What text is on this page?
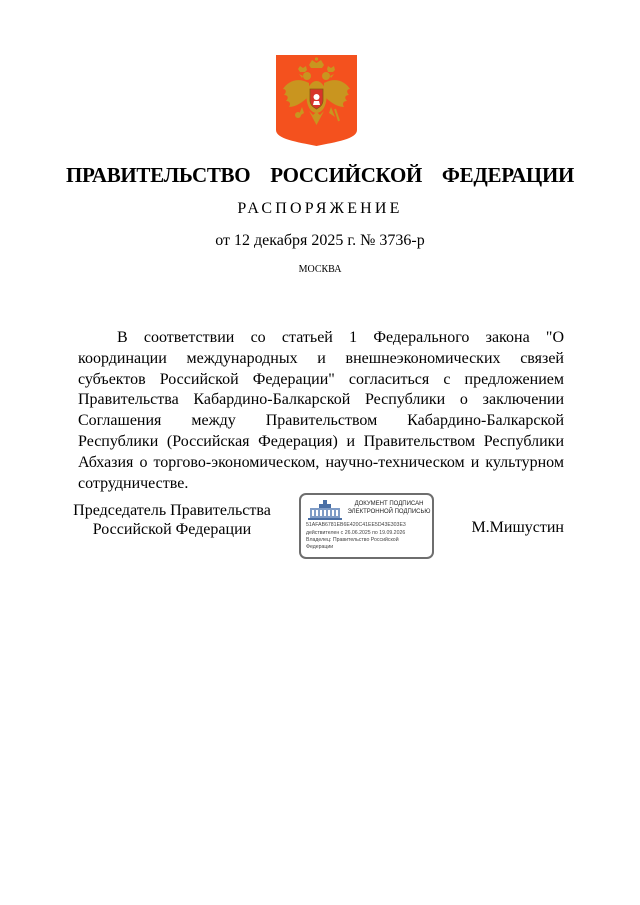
ПРАВИТЕЛЬСТВО  РОССИЙСКОЙ  ФЕДЕРАЦИИ
РАСПОРЯЖЕНИЕ
от 12 декабря 2025 г. № 3736-р
МОСКВА
В соответствии со статьей 1 Федерального закона "О координации международных и внешнеэкономических связей субъектов Российской Федерации" согласиться с предложением Правительства Кабардино-Балкарской Республики о заключении Соглашения между Правительством Кабардино-Балкарской Республики (Российская Федерация) и Правительством Республики Абхазия о торгово-экономическом, научно-техническом и культурном сотрудничестве.
Председатель Правительства
Российской Федерации
ДОКУМЕНТ ПОДПИСАН
ЭЛЕКТРОННОЙ ПОДПИСЬЮ
51AFAB6781EB6E420C41EE5D43E303E3
действителен с 26.06.2025 по 19.09.2026
Владелец: Правительство Российской
Федерации
М.Мишустин
